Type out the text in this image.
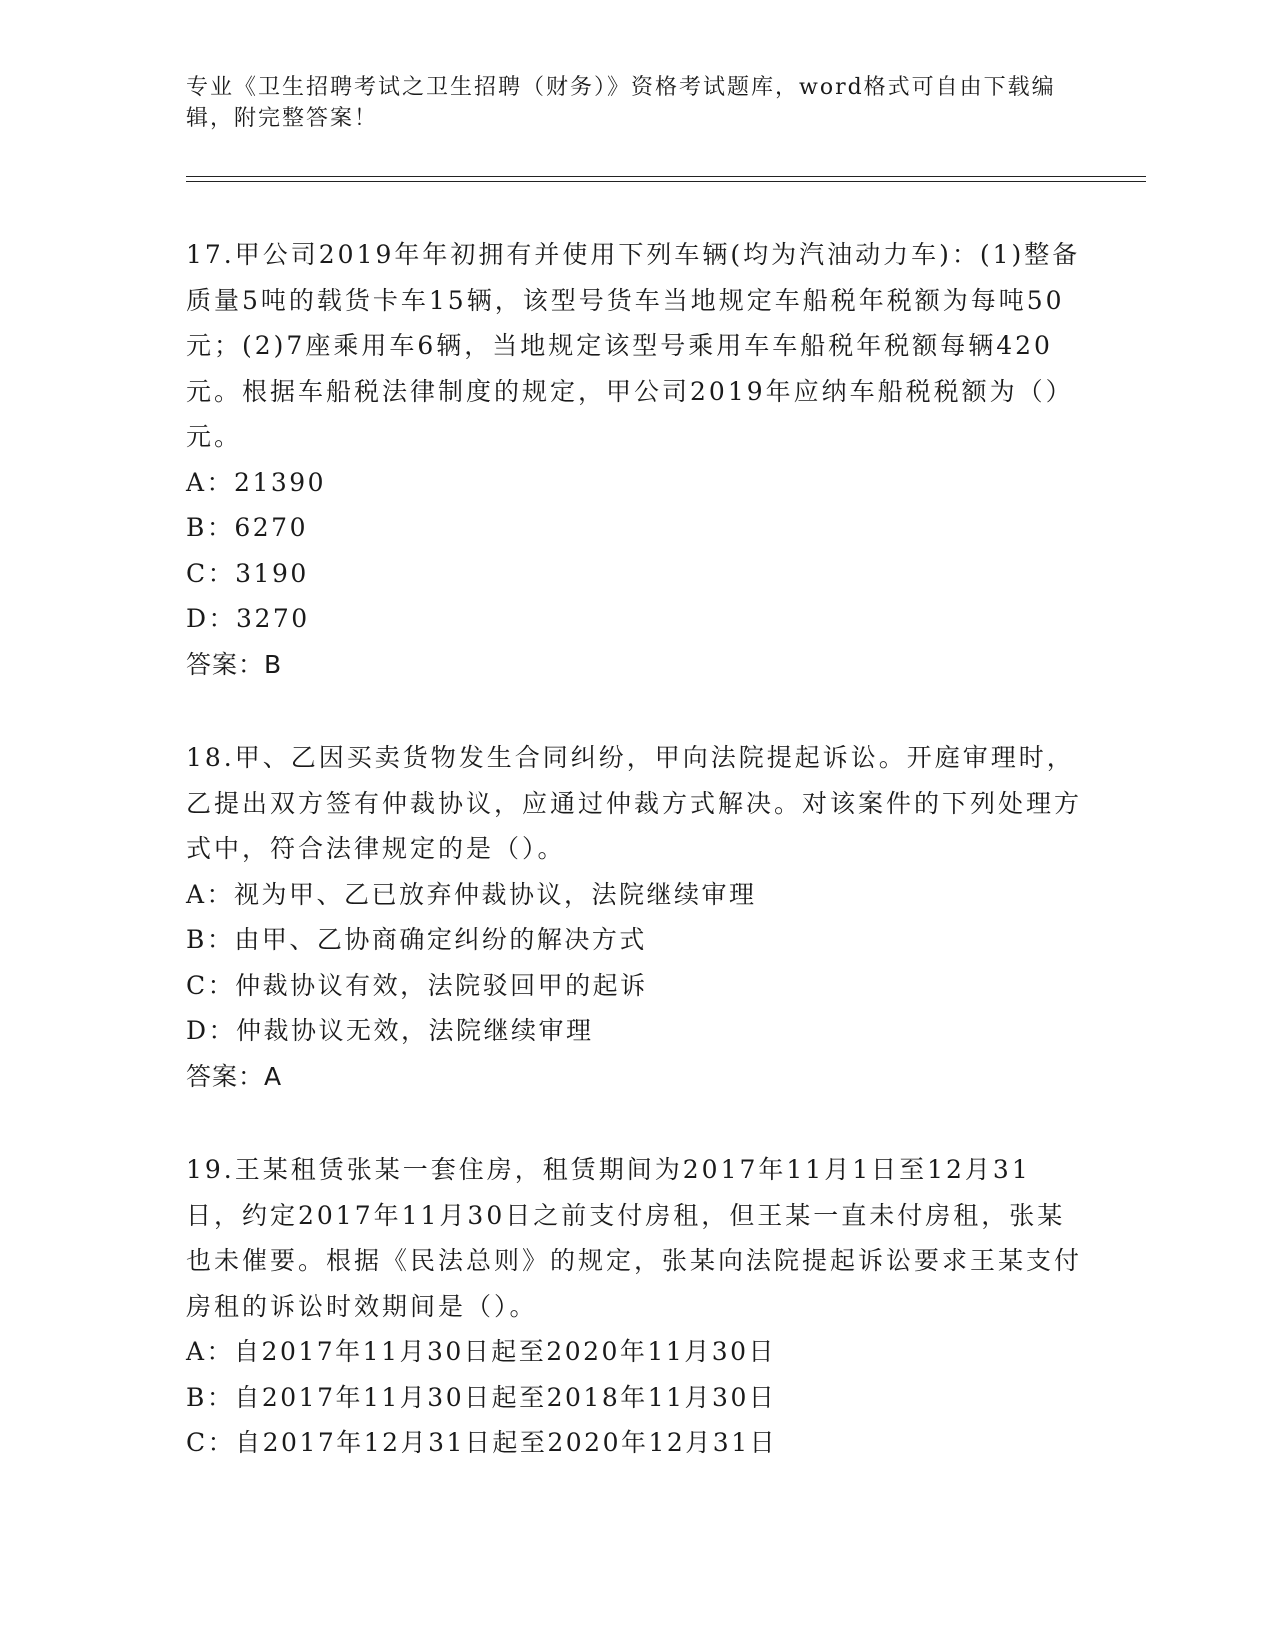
专业《卫生招聘考试之卫生招聘（财务）》资格考试题库，word格式可自由下载编辑，附完整答案！

17.甲公司2019年年初拥有并使用下列车辆(均为汽油动力车)：(1)整备质量5吨的载货卡车15辆，该型号货车当地规定车船税年税额为每吨50元；(2)7座乘用车6辆，当地规定该型号乘用车车船税年税额每辆420元。根据车船税法律制度的规定，甲公司2019年应纳车船税税额为（）元。

A：21390

B：6270

C：3190

D：3270

答案：B

18.甲、乙因买卖货物发生合同纠纷，甲向法院提起诉讼。开庭审理时，乙提出双方签有仲裁协议，应通过仲裁方式解决。对该案件的下列处理方式中，符合法律规定的是（）。

A：视为甲、乙已放弃仲裁协议，法院继续审理

B：由甲、乙协商确定纠纷的解决方式

C：仲裁协议有效，法院驳回甲的起诉

D：仲裁协议无效，法院继续审理

答案：A

19.王某租赁张某一套住房，租赁期间为2017年11月1日至12月31日，约定2017年11月30日之前支付房租，但王某一直未付房租，张某也未催要。根据《民法总则》的规定，张某向法院提起诉讼要求王某支付房租的诉讼时效期间是（）。

A：自2017年11月30日起至2020年11月30日

B：自2017年11月30日起至2018年11月30日

C：自2017年12月31日起至2020年12月31日
